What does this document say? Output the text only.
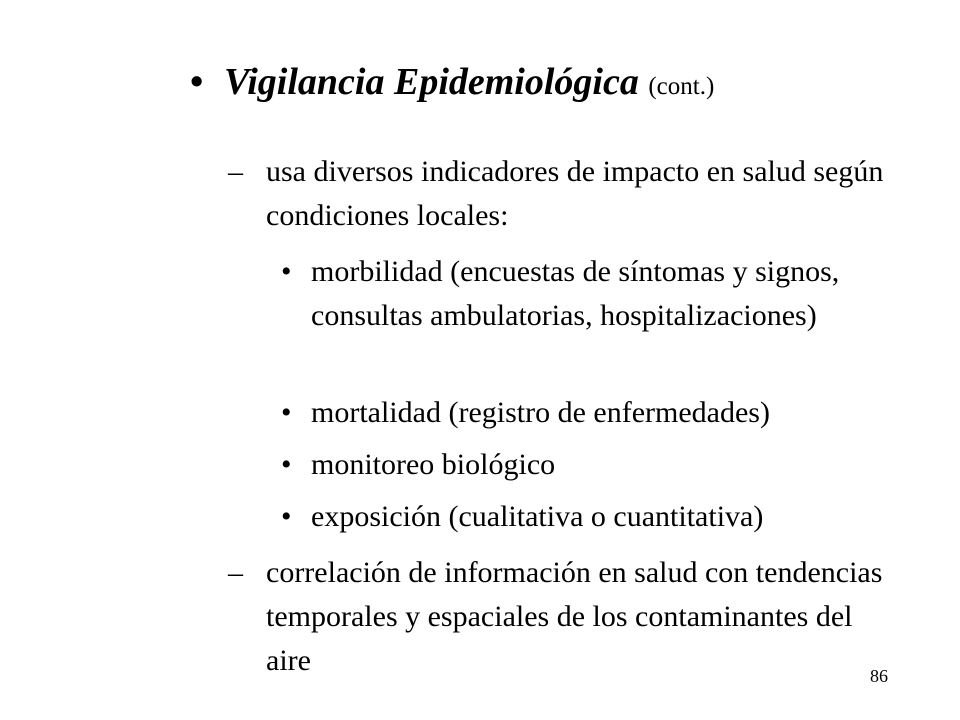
• Vigilancia Epidemiológica (cont.)
– usa diversos indicadores de impacto en salud según condiciones locales:
• morbilidad (encuestas de síntomas y signos, consultas ambulatorias, hospitalizaciones)
• mortalidad (registro de enfermedades)
• monitoreo biológico
• exposición (cualitativa o cuantitativa)
– correlación de información en salud con tendencias temporales y espaciales de los contaminantes del aire	86
